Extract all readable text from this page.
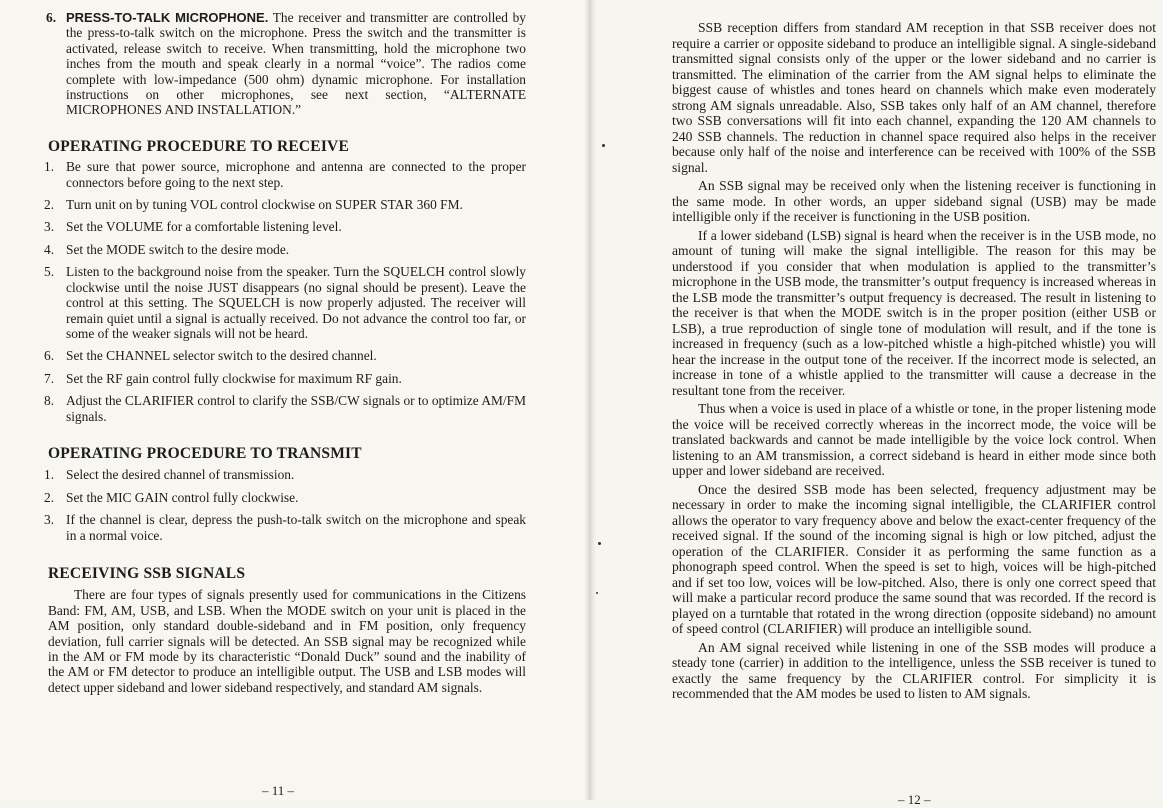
6. PRESS-TO-TALK MICROPHONE. The receiver and transmitter are controlled by the press-to-talk switch on the microphone. Press the switch and the transmitter is activated, release switch to receive. When transmitting, hold the microphone two inches from the mouth and speak clearly in a normal “voice”. The radios come complete with low-impedance (500 ohm) dynamic microphone. For installation instructions on other microphones, see next section, “ALTERNATE MICROPHONES AND INSTALLATION.”
OPERATING PROCEDURE TO RECEIVE
1. Be sure that power source, microphone and antenna are connected to the proper connectors before going to the next step.
2. Turn unit on by tuning VOL control clockwise on SUPER STAR 360 FM.
3. Set the VOLUME for a comfortable listening level.
4. Set the MODE switch to the desire mode.
5. Listen to the background noise from the speaker. Turn the SQUELCH control slowly clockwise until the noise JUST disappears (no signal should be present). Leave the control at this setting. The SQUELCH is now properly adjusted. The receiver will remain quiet until a signal is actually received. Do not advance the control too far, or some of the weaker signals will not be heard.
6. Set the CHANNEL selector switch to the desired channel.
7. Set the RF gain control fully clockwise for maximum RF gain.
8. Adjust the CLARIFIER control to clarify the SSB/CW signals or to optimize AM/FM signals.
OPERATING PROCEDURE TO TRANSMIT
1. Select the desired channel of transmission.
2. Set the MIC GAIN control fully clockwise.
3. If the channel is clear, depress the push-to-talk switch on the microphone and speak in a normal voice.
RECEIVING SSB SIGNALS

There are four types of signals presently used for communications in the Citizens Band: FM, AM, USB, and LSB. When the MODE switch on your unit is placed in the AM position, only standard double-sideband and in FM position, only frequency deviation, full carrier signals will be detected. An SSB signal may be recognized while in the AM or FM mode by its characteristic “Donald Duck” sound and the inability of the AM or FM detector to produce an intelligible output. The USB and LSB modes will detect upper sideband and lower sideband respectively, and standard AM signals.

– 11 –

SSB reception differs from standard AM reception in that SSB receiver does not require a carrier or opposite sideband to produce an intelligible signal. A single-sideband transmitted signal consists only of the upper or the lower sideband and no carrier is transmitted. The elimination of the carrier from the AM signal helps to eliminate the biggest cause of whistles and tones heard on channels which make even moderately strong AM signals unreadable. Also, SSB takes only half of an AM channel, therefore two SSB conversations will fit into each channel, expanding the 120 AM channels to 240 SSB channels. The reduction in channel space required also helps in the receiver because only half of the noise and interference can be received with 100% of the SSB signal.

An SSB signal may be received only when the listening receiver is functioning in the same mode. In other words, an upper sideband signal (USB) may be made intelligible only if the receiver is functioning in the USB position.

If a lower sideband (LSB) signal is heard when the receiver is in the USB mode, no amount of tuning will make the signal intelligible. The reason for this may be understood if you consider that when modulation is applied to the transmitter’s microphone in the USB mode, the transmitter’s output frequency is increased whereas in the LSB mode the transmitter’s output frequency is decreased. The result in listening to the receiver is that when the MODE switch is in the proper position (either USB or LSB), a true reproduction of single tone of modulation will result, and if the tone is increased in frequency (such as a low-pitched whistle a high-pitched whistle) you will hear the increase in the output tone of the receiver. If the incorrect mode is selected, an increase in tone of a whistle applied to the transmitter will cause a decrease in the resultant tone from the receiver.

Thus when a voice is used in place of a whistle or tone, in the proper listening mode the voice will be received correctly whereas in the incorrect mode, the voice will be translated backwards and cannot be made intelligible by the voice lock control. When listening to an AM transmission, a correct sideband is heard in either mode since both upper and lower sideband are received.

Once the desired SSB mode has been selected, frequency adjustment may be necessary in order to make the incoming signal intelligible, the CLARIFIER control allows the operator to vary frequency above and below the exact-center frequency of the received signal. If the sound of the incoming signal is high or low pitched, adjust the operation of the CLARIFIER. Consider it as performing the same function as a phonograph speed control. When the speed is set to high, voices will be high-pitched and if set too low, voices will be low-pitched. Also, there is only one correct speed that will make a particular record produce the same sound that was recorded. If the record is played on a turntable that rotated in the wrong direction (opposite sideband) no amount of speed control (CLARIFIER) will produce an intelligible sound.

An AM signal received while listening in one of the SSB modes will produce a steady tone (carrier) in addition to the intelligence, unless the SSB receiver is tuned to exactly the same frequency by the CLARIFIER control. For simplicity it is recommended that the AM modes be used to listen to AM signals.

– 12 –
